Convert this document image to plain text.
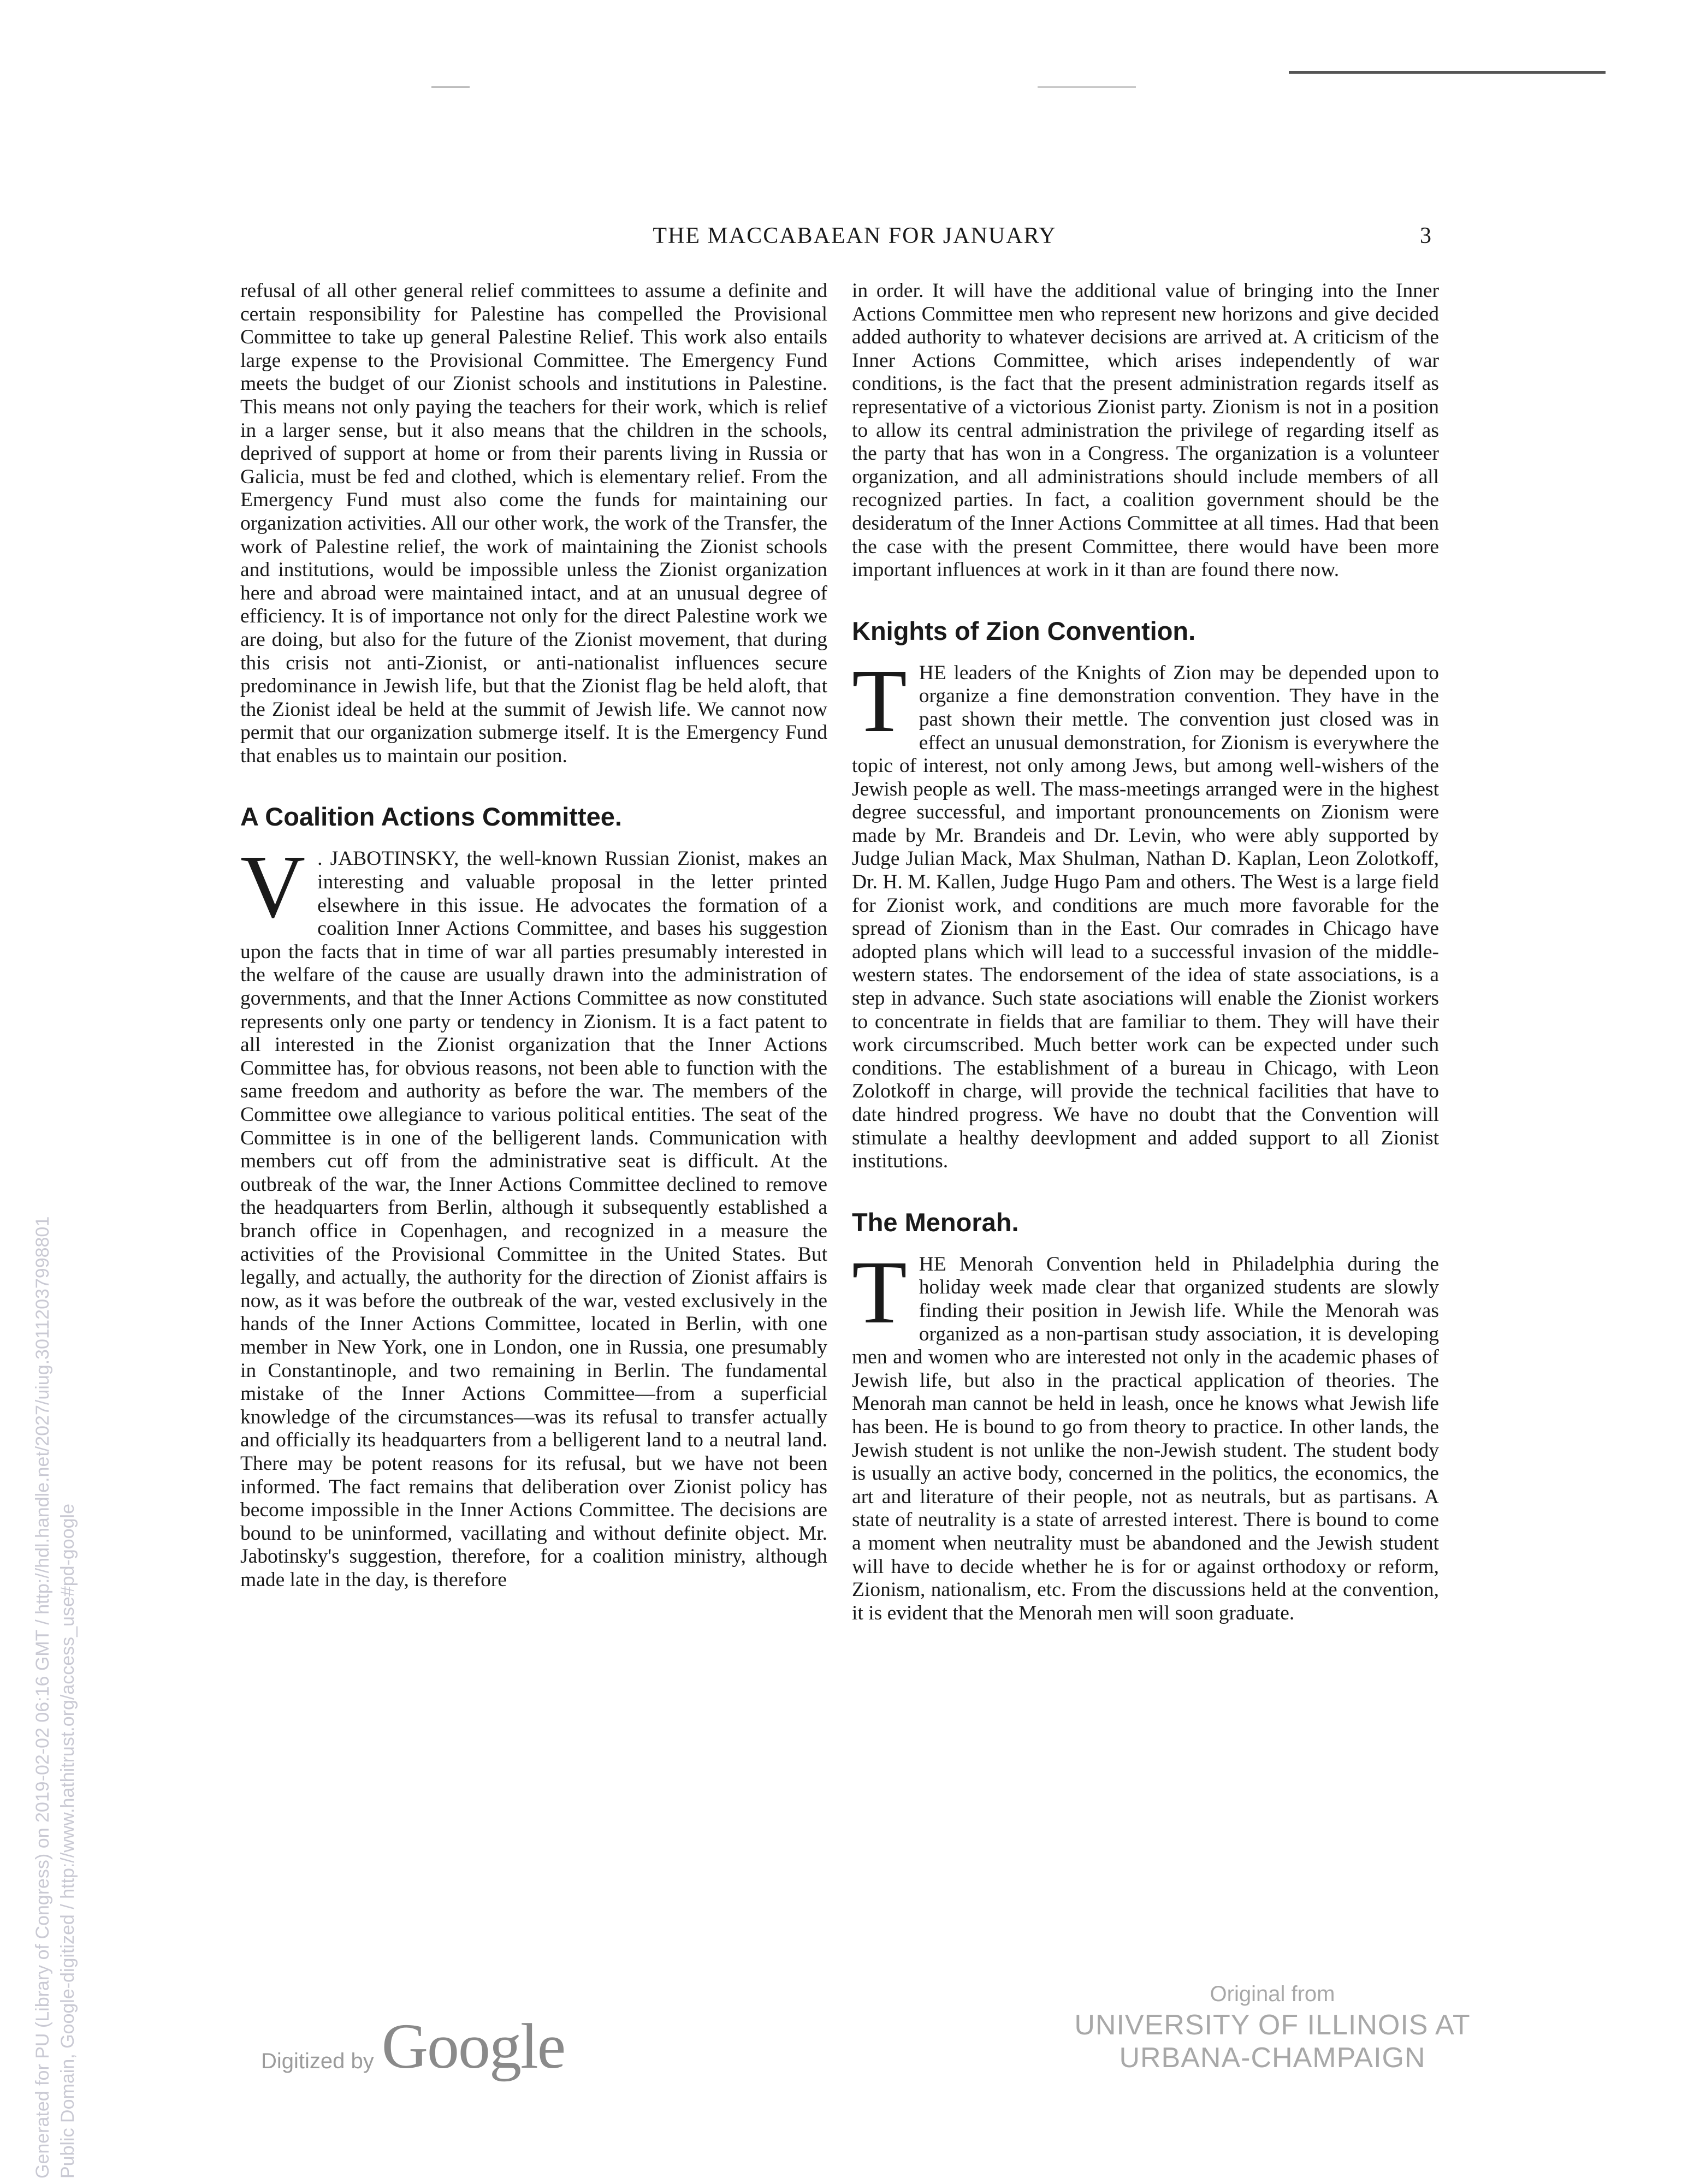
THE MACCABAEAN FOR JANUARY	3

refusal of all other general relief committees to assume a definite and certain responsibility for Palestine has compelled the Provisional Committee to take up general Palestine Relief. This work also entails large expense to the Provisional Committee. The Emergency Fund meets the budget of our Zionist schools and institutions in Palestine. This means not only paying the teachers for their work, which is relief in a larger sense, but it also means that the children in the schools, deprived of support at home or from their parents living in Russia or Galicia, must be fed and clothed, which is elementary relief. From the Emergency Fund must also come the funds for maintaining our organization activities. All our other work, the work of the Transfer, the work of Palestine relief, the work of maintaining the Zionist schools and institutions, would be impossible unless the Zionist organization here and abroad were maintained intact, and at an unusual degree of efficiency. It is of importance not only for the direct Palestine work we are doing, but also for the future of the Zionist movement, that during this crisis not anti-Zionist, or anti-nationalist influences secure predominance in Jewish life, but that the Zionist flag be held aloft, that the Zionist ideal be held at the summit of Jewish life. We cannot now permit that our organization submerge itself. It is the Emergency Fund that enables us to maintain our position.

A Coalition Actions Committee.

V . JABOTINSKY, the well-known Russian Zionist, makes an interesting and valuable proposal in the letter printed elsewhere in this issue. He advocates the formation of a coalition Inner Actions Committee, and bases his suggestion upon the facts that in time of war all parties presumably interested in the welfare of the cause are usually drawn into the administration of governments, and that the Inner Actions Committee as now constituted represents only one party or tendency in Zionism. It is a fact patent to all interested in the Zionist organization that the Inner Actions Committee has, for obvious reasons, not been able to function with the same freedom and authority as before the war. The members of the Committee owe allegiance to various political entities. The seat of the Committee is in one of the belligerent lands. Communication with members cut off from the administrative seat is difficult. At the outbreak of the war, the Inner Actions Committee declined to remove the headquarters from Berlin, although it subsequently established a branch office in Copenhagen, and recognized in a measure the activities of the Provisional Committee in the United States. But legally, and actually, the authority for the direction of Zionist affairs is now, as it was before the outbreak of the war, vested exclusively in the hands of the Inner Actions Committee, located in Berlin, with one member in New York, one in London, one in Russia, one presumably in Constantinople, and two remaining in Berlin. The fundamental mistake of the Inner Actions Committee—from a superficial knowledge of the circumstances—was its refusal to transfer actually and officially its headquarters from a belligerent land to a neutral land. There may be potent reasons for its refusal, but we have not been informed. The fact remains that deliberation over Zionist policy has become impossible in the Inner Actions Committee. The decisions are bound to be uninformed, vacillating and without definite object. Mr. Jabotinsky's suggestion, therefore, for a coalition ministry, although made late in the day, is therefore

in order. It will have the additional value of bringing into the Inner Actions Committee men who represent new horizons and give decided added authority to whatever decisions are arrived at. A criticism of the Inner Actions Committee, which arises independently of war conditions, is the fact that the present administration regards itself as representative of a victorious Zionist party. Zionism is not in a position to allow its central administration the privilege of regarding itself as the party that has won in a Congress. The organization is a volunteer organization, and all administrations should include members of all recognized parties. In fact, a coalition government should be the desideratum of the Inner Actions Committee at all times. Had that been the case with the present Committee, there would have been more important influences at work in it than are found there now.

Knights of Zion Convention.

THE leaders of the Knights of Zion may be depended upon to organize a fine demonstration convention. They have in the past shown their mettle. The convention just closed was in effect an unusual demonstration, for Zionism is everywhere the topic of interest, not only among Jews, but among well-wishers of the Jewish people as well. The mass-meetings arranged were in the highest degree successful, and important pronouncements on Zionism were made by Mr. Brandeis and Dr. Levin, who were ably supported by Judge Julian Mack, Max Shulman, Nathan D. Kaplan, Leon Zolotkoff, Dr. H. M. Kallen, Judge Hugo Pam and others. The West is a large field for Zionist work, and conditions are much more favorable for the spread of Zionism than in the East. Our comrades in Chicago have adopted plans which will lead to a successful invasion of the middle-western states. The endorsement of the idea of state associations, is a step in advance. Such state asociations will enable the Zionist workers to concentrate in fields that are familiar to them. They will have their work circumscribed. Much better work can be expected under such conditions. The establishment of a bureau in Chicago, with Leon Zolotkoff in charge, will provide the technical facilities that have to date hindred progress. We have no doubt that the Convention will stimulate a healthy deevlopment and added support to all Zionist institutions.

The Menorah.

THE Menorah Convention held in Philadelphia during the holiday week made clear that organized students are slowly finding their position in Jewish life. While the Menorah was organized as a non-partisan study association, it is developing men and women who are interested not only in the academic phases of Jewish life, but also in the practical application of theories. The Menorah man cannot be held in leash, once he knows what Jewish life has been. He is bound to go from theory to practice. In other lands, the Jewish student is not unlike the non-Jewish student. The student body is usually an active body, concerned in the politics, the economics, the art and literature of their people, not as neutrals, but as partisans. A state of neutrality is a state of arrested interest. There is bound to come a moment when neutrality must be abandoned and the Jewish student will have to decide whether he is for or against orthodoxy or reform, Zionism, nationalism, etc. From the discussions held at the convention, it is evident that the Menorah men will soon graduate.

Generated for PU (Library of Congress) on 2019-02-02 06:16 GMT / http://hdl.handle.net/2027/uiug.30112037998801 Public Domain, Google-digitized / http://www.hathitrust.org/access_use#pd-google	Digitized by Google
Original from
UNIVERSITY OF ILLINOIS AT
URBANA-CHAMPAIGN
